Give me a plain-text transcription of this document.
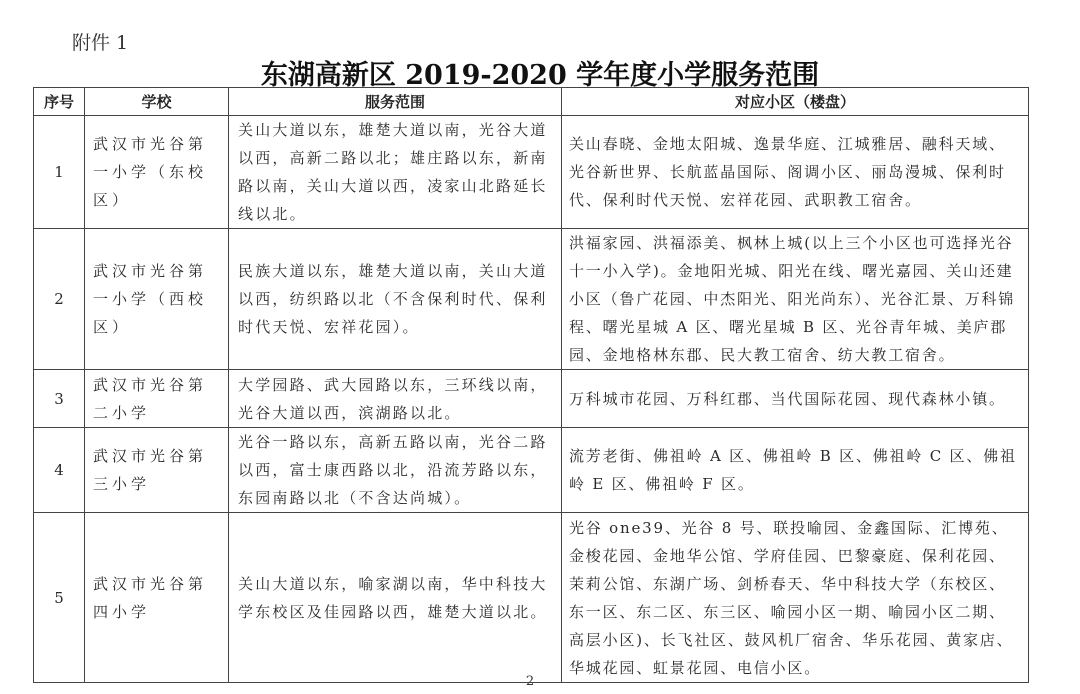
附件 1
东湖高新区 2019-2020 学年度小学服务范围
序号	学校	服务范围	对应小区（楼盘）
1	武汉市光谷第一小学（东校区）	关山大道以东，雄楚大道以南，光谷大道以西，高新二路以北；雄庄路以东，新南路以南，关山大道以西，凌家山北路延长线以北。	关山春晓、金地太阳城、逸景华庭、江城雅居、融科天域、光谷新世界、长航蓝晶国际、阁调小区、丽岛漫城、保利时代、保利时代天悦、宏祥花园、武职教工宿舍。
2	武汉市光谷第一小学（西校区）	民族大道以东，雄楚大道以南，关山大道以西，纺织路以北（不含保利时代、保利时代天悦、宏祥花园）。	洪福家园、洪福添美、枫林上城(以上三个小区也可选择光谷十一小入学)。金地阳光城、阳光在线、曙光嘉园、关山还建小区（鲁广花园、中杰阳光、阳光尚东）、光谷汇景、万科锦程、曙光星城 A 区、曙光星城 B 区、光谷青年城、美庐郡园、金地格林东郡、民大教工宿舍、纺大教工宿舍。
3	武汉市光谷第二小学	大学园路、武大园路以东，三环线以南，光谷大道以西，滨湖路以北。	万科城市花园、万科红郡、当代国际花园、现代森林小镇。
4	武汉市光谷第三小学	光谷一路以东，高新五路以南，光谷二路以西，富士康西路以北，沿流芳路以东，东园南路以北（不含达尚城）。	流芳老街、佛祖岭 A 区、佛祖岭 B 区、佛祖岭 C 区、佛祖岭 E 区、佛祖岭 F 区。
5	武汉市光谷第四小学	关山大道以东，喻家湖以南，华中科技大学东校区及佳园路以西，雄楚大道以北。	光谷 one39、光谷 8 号、联投喻园、金鑫国际、汇博苑、金梭花园、金地华公馆、学府佳园、巴黎豪庭、保利花园、茉莉公馆、东湖广场、剑桥春天、华中科技大学（东校区、东一区、东二区、东三区、喻园小区一期、喻园小区二期、高层小区)、长飞社区、鼓风机厂宿舍、华乐花园、黄家店、华城花园、虹景花园、电信小区。
2
